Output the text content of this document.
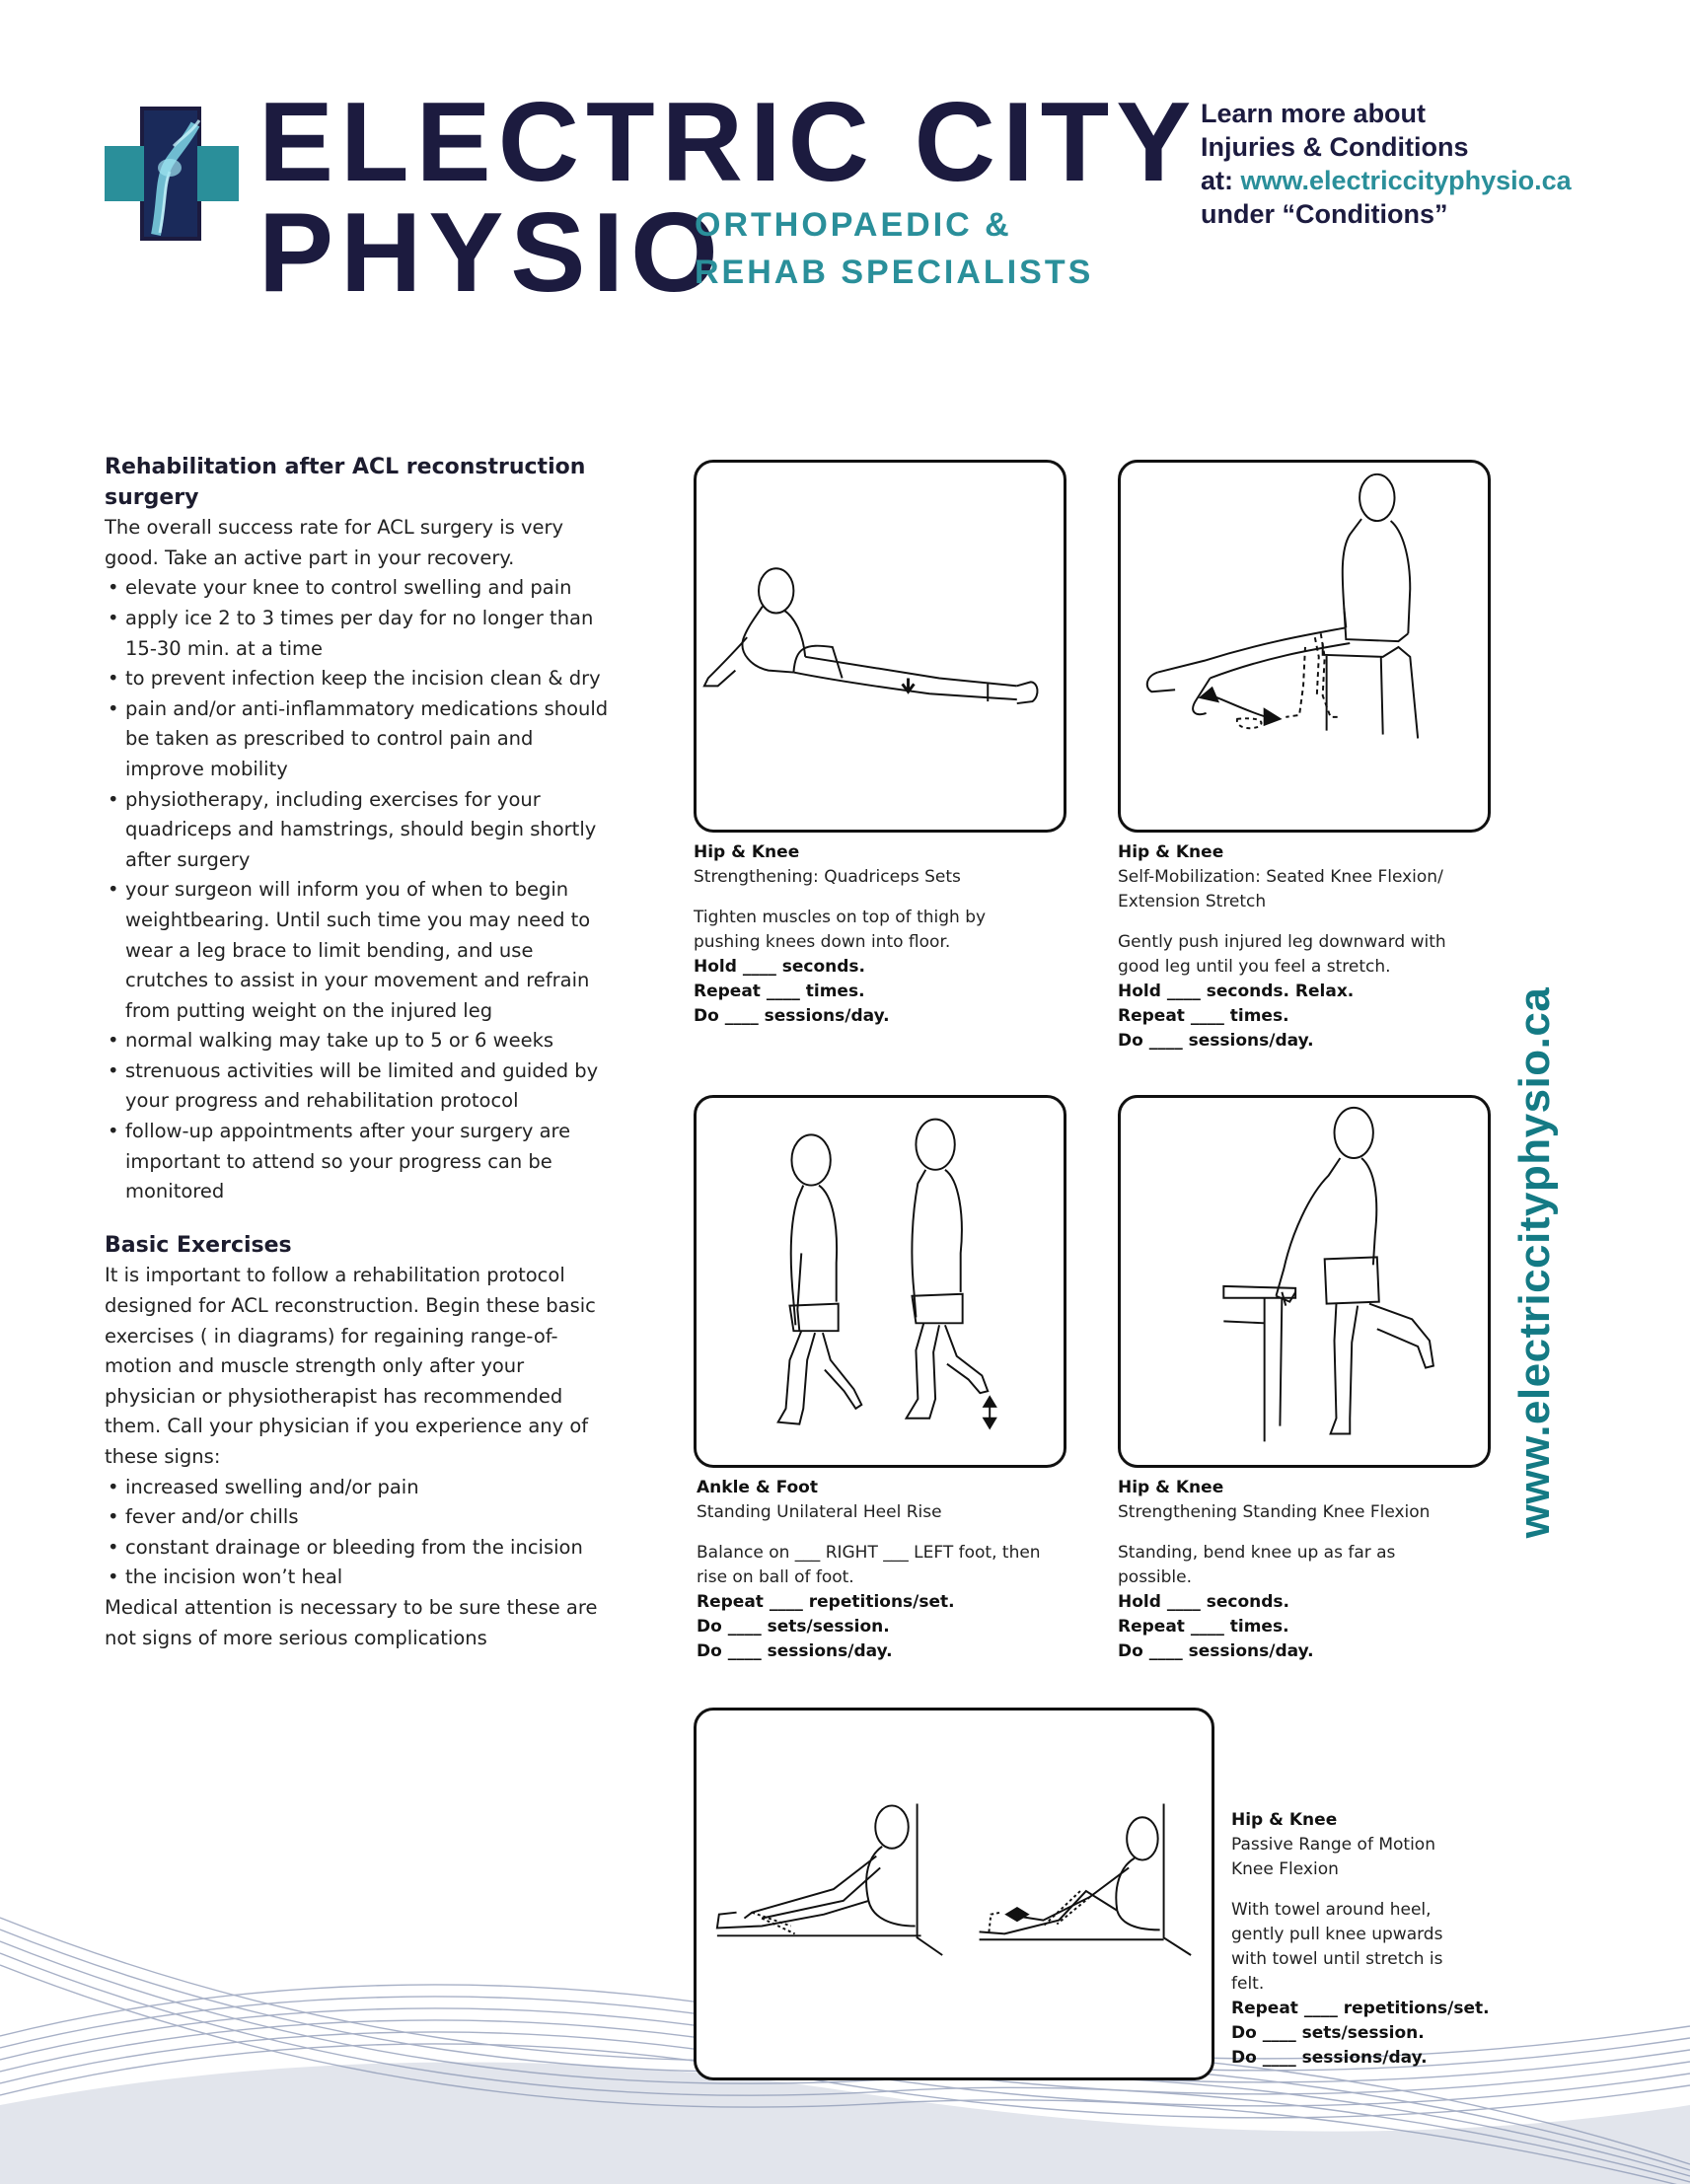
ELECTRIC CITY
PHYSIO
ORTHOPAEDIC &
REHAB SPECIALISTS
Learn more about
Injuries & Conditions
at: www.electriccityphysio.ca
under “Conditions”
www.electriccityphysio.ca
Rehabilitation after ACL reconstruction surgery

The overall success rate for ACL surgery is very good. Take an active part in your recovery.

• elevate your knee to control swelling and pain
• apply ice 2 to 3 times per day for no longer than 15-30 min. at a time
• to prevent infection keep the incision clean & dry
• pain and/or anti-inflammatory medications should be taken as prescribed to control pain and improve mobility
• physiotherapy, including exercises for your quadriceps and hamstrings, should begin shortly after surgery
• your surgeon will inform you of when to begin weightbearing. Until such time you may need to wear a leg brace to limit bending, and use crutches to assist in your movement and refrain from putting weight on the injured leg
• normal walking may take up to 5 or 6 weeks
• strenuous activities will be limited and guided by your progress and rehabilitation protocol
• follow-up appointments after your surgery are important to attend so your progress can be monitored
Basic Exercises

It is important to follow a rehabilitation protocol designed for ACL reconstruction. Begin these basic exercises ( in diagrams) for regaining range-of-motion and muscle strength only after your physician or physiotherapist has recommended them. Call your physician if you experience any of these signs:

• increased swelling and/or pain
• fever and/or chills
• constant drainage or bleeding from the incision
• the incision won’t heal

Medical attention is necessary to be sure these are not signs of more serious complications

Hip & Knee
Strengthening: Quadriceps Sets
Tighten muscles on top of thigh by
pushing knees down into floor.
Hold ____ seconds.
Repeat ____ times.
Do ____ sessions/day.
Hip & Knee
Self-Mobilization: Seated Knee Flexion/
Extension Stretch
Gently push injured leg downward with
good leg until you feel a stretch.
Hold ____ seconds. Relax.
Repeat ____ times.
Do ____ sessions/day.
Ankle & Foot
Standing Unilateral Heel Rise
Balance on ___ RIGHT ___ LEFT foot, then
rise on ball of foot.
Repeat ____ repetitions/set.
Do ____ sets/session.
Do ____ sessions/day.
Hip & Knee
Strengthening Standing Knee Flexion
Standing, bend knee up as far as
possible.
Hold ____ seconds.
Repeat ____ times.
Do ____ sessions/day.
Hip & Knee
Passive Range of Motion
Knee Flexion
With towel around heel,
gently pull knee upwards
with towel until stretch is
felt.
Repeat ____ repetitions/set.
Do ____ sets/session.
Do ____ sessions/day.
